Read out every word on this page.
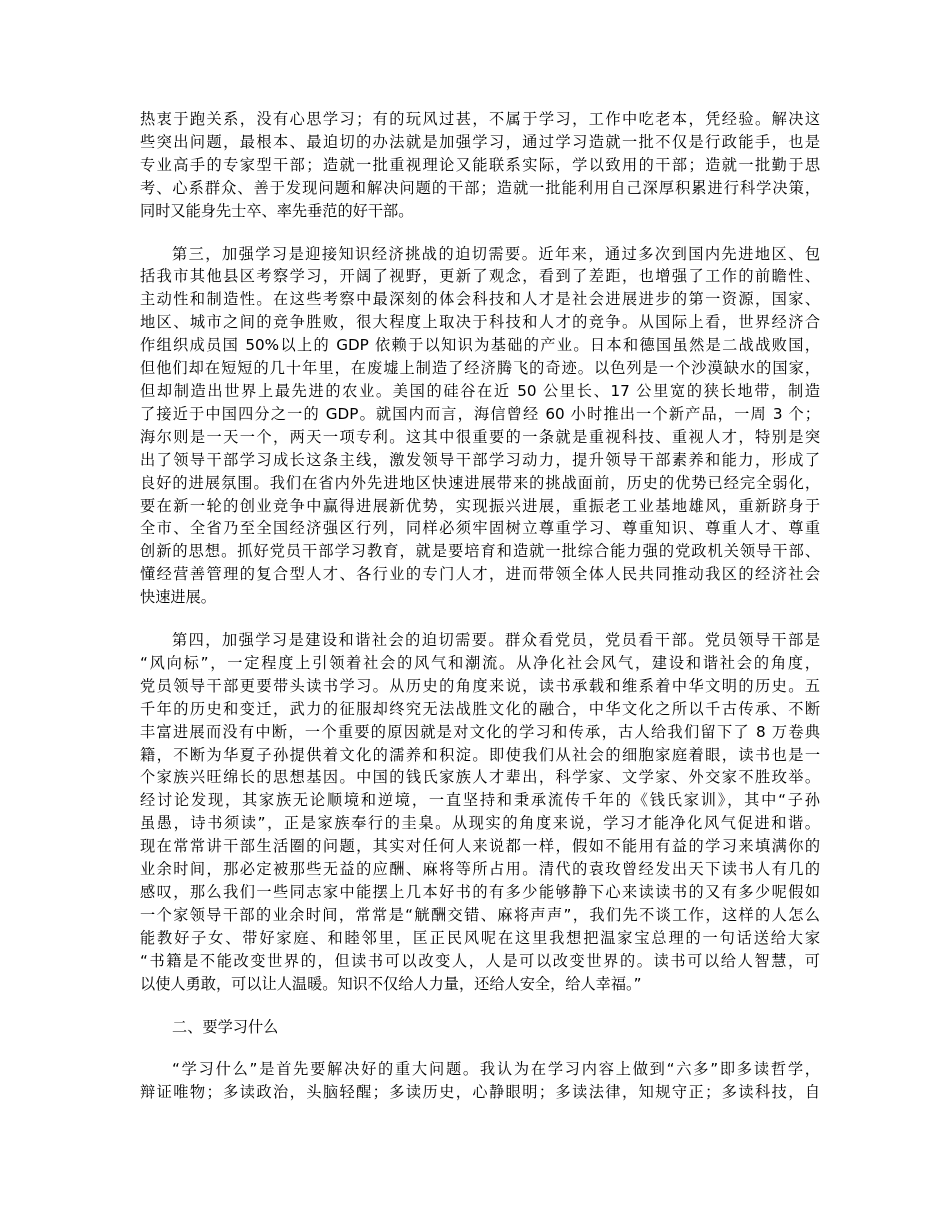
热衷于跑关系，没有心思学习；有的玩风过甚，不属于学习，工作中吃老本，凭经验。解决这
些突出问题，最根本、最迫切的办法就是加强学习，通过学习造就一批不仅是行政能手，也是
专业高手的专家型干部；造就一批重视理论又能联系实际，学以致用的干部；造就一批勤于思
考、心系群众、善于发现问题和解决问题的干部；造就一批能利用自己深厚积累进行科学决策，
同时又能身先士卒、率先垂范的好干部。

第三，加强学习是迎接知识经济挑战的迫切需要。近年来，通过多次到国内先进地区、包
括我市其他县区考察学习，开阔了视野，更新了观念，看到了差距，也增强了工作的前瞻性、
主动性和制造性。在这些考察中最深刻的体会科技和人才是社会进展进步的第一资源，国家、
地区、城市之间的竞争胜败，很大程度上取决于科技和人才的竞争。从国际上看，世界经济合
作组织成员国 50%以上的 GDP 依赖于以知识为基础的产业。日本和德国虽然是二战战败国，
但他们却在短短的几十年里，在废墟上制造了经济腾飞的奇迹。以色列是一个沙漠缺水的国家，
但却制造出世界上最先进的农业。美国的硅谷在近 50 公里长、17 公里宽的狭长地带，制造
了接近于中国四分之一的 GDP。就国内而言，海信曾经 60 小时推出一个新产品，一周 3 个；
海尔则是一天一个，两天一项专利。这其中很重要的一条就是重视科技、重视人才，特别是突
出了领导干部学习成长这条主线，激发领导干部学习动力，提升领导干部素养和能力，形成了
良好的进展氛围。我们在省内外先进地区快速进展带来的挑战面前，历史的优势已经完全弱化，
要在新一轮的创业竞争中赢得进展新优势，实现振兴进展，重振老工业基地雄风，重新跻身于
全市、全省乃至全国经济强区行列，同样必须牢固树立尊重学习、尊重知识、尊重人才、尊重
创新的思想。抓好党员干部学习教育，就是要培育和造就一批综合能力强的党政机关领导干部、
懂经营善管理的复合型人才、各行业的专门人才，进而带领全体人民共同推动我区的经济社会
快速进展。

第四，加强学习是建设和谐社会的迫切需要。群众看党员，党员看干部。党员领导干部是
“风向标”，一定程度上引领着社会的风气和潮流。从净化社会风气，建设和谐社会的角度，
党员领导干部更要带头读书学习。从历史的角度来说，读书承载和维系着中华文明的历史。五
千年的历史和变迁，武力的征服却终究无法战胜文化的融合，中华文化之所以千古传承、不断
丰富进展而没有中断，一个重要的原因就是对文化的学习和传承，古人给我们留下了 8 万卷典
籍，不断为华夏子孙提供着文化的濡养和积淀。即使我们从社会的细胞家庭着眼，读书也是一
个家族兴旺绵长的思想基因。中国的钱氏家族人才辈出，科学家、文学家、外交家不胜玫举。
经讨论发现，其家族无论顺境和逆境，一直坚持和秉承流传千年的《钱氏家训》，其中“子孙
虽愚，诗书须读”，正是家族奉行的圭臬。从现实的角度来说，学习才能净化风气促进和谐。
现在常常讲干部生活圈的问题，其实对任何人来说都一样，假如不能用有益的学习来填满你的
业余时间，那必定被那些无益的应酬、麻将等所占用。清代的袁玫曾经发出天下读书人有几的
感叹，那么我们一些同志家中能摆上几本好书的有多少能够静下心来读读书的又有多少呢假如
一个家领导干部的业余时间，常常是“觥酬交错、麻将声声”，我们先不谈工作，这样的人怎么
能教好子女、带好家庭、和睦邻里，匡正民风呢在这里我想把温家宝总理的一句话送给大家
“书籍是不能改变世界的，但读书可以改变人，人是可以改变世界的。读书可以给人智慧，可
以使人勇敢，可以让人温暖。知识不仅给人力量，还给人安全，给人幸福。”

二、要学习什么

“学习什么”是首先要解决好的重大问题。我认为在学习内容上做到“六多”即多读哲学，
辩证唯物；多读政治，头脑轻醒；多读历史，心静眼明；多读法律，知规守正；多读科技，自
